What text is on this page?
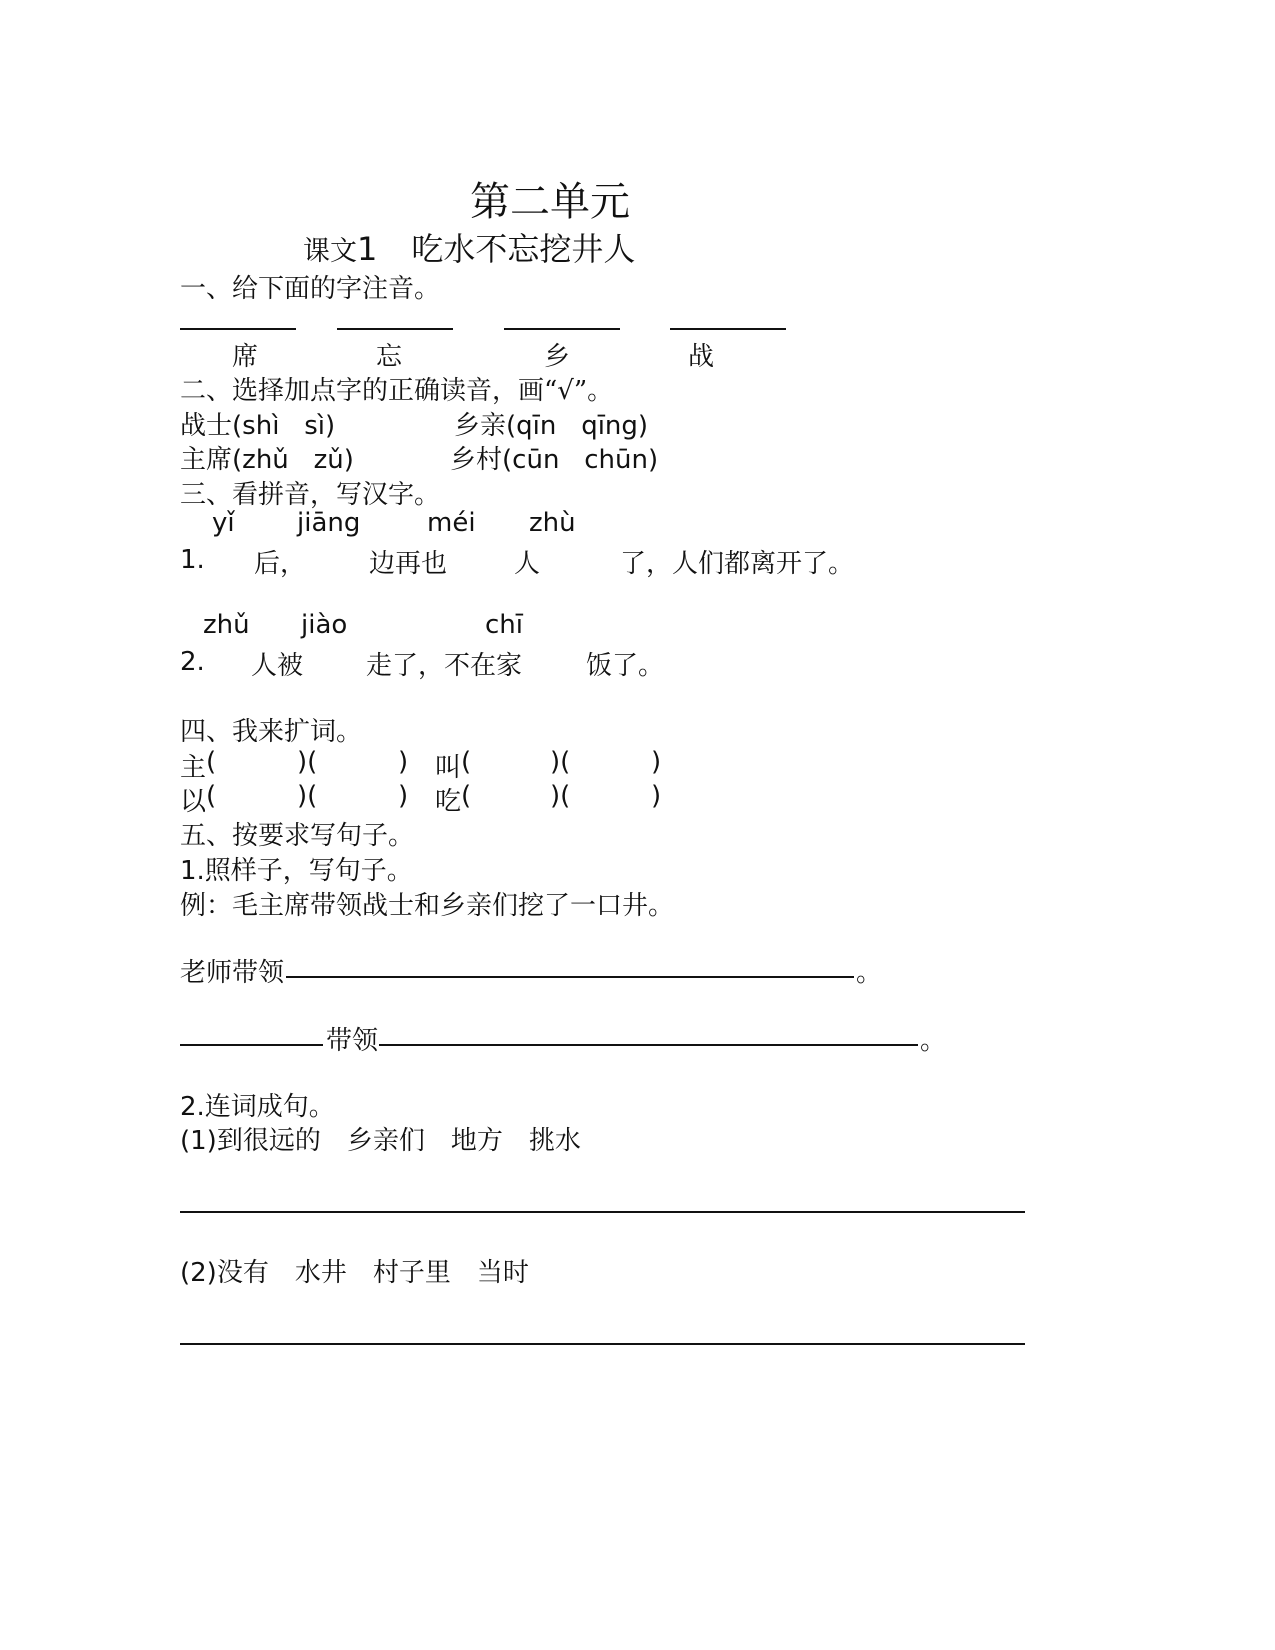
第二单元
课文1 吃水不忘挖井人
一、给下面的字注音。
席	忘	乡	战
二、选择加点字的正确读音，画“√”。
战士(shì sì)	乡亲(qīn qīng)
主席(zhǔ zǔ)	乡村(cūn chūn)
三、看拼音，写汉字。
yǐ jiāng	méi zhù
1. 后， 边再也	人	了，人们都离开了。
zhǔ jiào	chī
2. 人被 走了，不在家 饭了。
四、我来扩词。
主 (	)(	) 叫 (	)(	)
以 (	)(	) 吃 (	)(	)
五、按要求写句子。
1.照样子，写句子。
例：毛主席带领战士和乡亲们挖了一口井。
老师带领	。
带领	。
2.连词成句。
(1)到很远的　乡亲们　地方　挑水
(2)没有　水井　村子里　当时
